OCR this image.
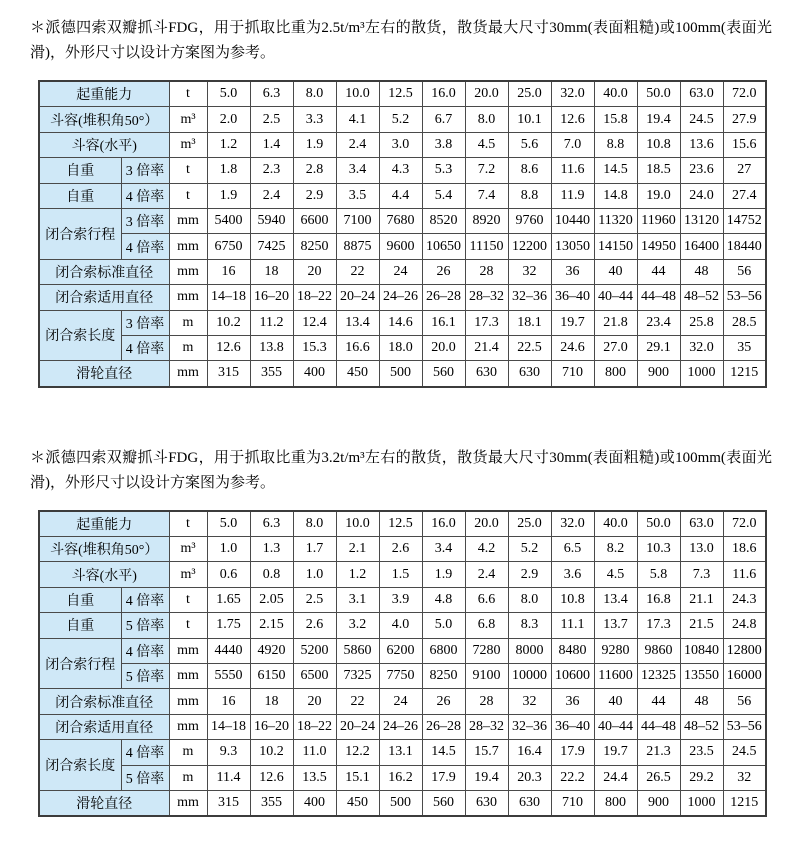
＊派德四索双瓣抓斗FDG，用于抓取比重为2.5t/m³左右的散货，散货最大尺寸30mm(表面粗糙)或100mm(表面光滑)，外形尺寸以设计方案图为参考。

起重能力		t	5.0	6.3	8.0	10.0	12.5	16.0	20.0	25.0	32.0	40.0	50.0	63.0	72.0
斗容(堆积角50°）		m³	2.0	2.5	3.3	4.1	5.2	6.7	8.0	10.1	12.6	15.8	19.4	24.5	27.9
斗容(水平)		m³	1.2	1.4	1.9	2.4	3.0	3.8	4.5	5.6	7.0	8.8	10.8	13.6	15.6
自重	3 倍率	t	1.8	2.3	2.8	3.4	4.3	5.3	7.2	8.6	11.6	14.5	18.5	23.6	27
自重	4 倍率	t	1.9	2.4	2.9	3.5	4.4	5.4	7.4	8.8	11.9	14.8	19.0	24.0	27.4
闭合索行程	3 倍率	mm	5400	5940	6600	7100	7680	8520	8920	9760	10440	11320	11960	13120	14752
	4 倍率	mm	6750	7425	8250	8875	9600	10650	11150	12200	13050	14150	14950	16400	18440
闭合索标准直径		mm	16	18	20	22	24	26	28	32	36	40	44	48	56
闭合索适用直径		mm	14–18	16–20	18–22	20–24	24–26	26–28	28–32	32–36	36–40	40–44	44–48	48–52	53–56
闭合索长度	3 倍率	m	10.2	11.2	12.4	13.4	14.6	16.1	17.3	18.1	19.7	21.8	23.4	25.8	28.5
	4 倍率	m	12.6	13.8	15.3	16.6	18.0	20.0	21.4	22.5	24.6	27.0	29.1	32.0	35
滑轮直径		mm	315	355	400	450	500	560	630	630	710	800	900	1000	1215

＊派德四索双瓣抓斗FDG，用于抓取比重为3.2t/m³左右的散货，散货最大尺寸30mm(表面粗糙)或100mm(表面光滑)，外形尺寸以设计方案图为参考。

起重能力		t	5.0	6.3	8.0	10.0	12.5	16.0	20.0	25.0	32.0	40.0	50.0	63.0	72.0
斗容(堆积角50°）		m³	1.0	1.3	1.7	2.1	2.6	3.4	4.2	5.2	6.5	8.2	10.3	13.0	18.6
斗容(水平)		m³	0.6	0.8	1.0	1.2	1.5	1.9	2.4	2.9	3.6	4.5	5.8	7.3	11.6
自重	4 倍率	t	1.65	2.05	2.5	3.1	3.9	4.8	6.6	8.0	10.8	13.4	16.8	21.1	24.3
自重	5 倍率	t	1.75	2.15	2.6	3.2	4.0	5.0	6.8	8.3	11.1	13.7	17.3	21.5	24.8
闭合索行程	4 倍率	mm	4440	4920	5200	5860	6200	6800	7280	8000	8480	9280	9860	10840	12800
	5 倍率	mm	5550	6150	6500	7325	7750	8250	9100	10000	10600	11600	12325	13550	16000
闭合索标准直径		mm	16	18	20	22	24	26	28	32	36	40	44	48	56
闭合索适用直径		mm	14–18	16–20	18–22	20–24	24–26	26–28	28–32	32–36	36–40	40–44	44–48	48–52	53–56
闭合索长度	4 倍率	m	9.3	10.2	11.0	12.2	13.1	14.5	15.7	16.4	17.9	19.7	21.3	23.5	24.5
	5 倍率	m	11.4	12.6	13.5	15.1	16.2	17.9	19.4	20.3	22.2	24.4	26.5	29.2	32
滑轮直径		mm	315	355	400	450	500	560	630	630	710	800	900	1000	1215
